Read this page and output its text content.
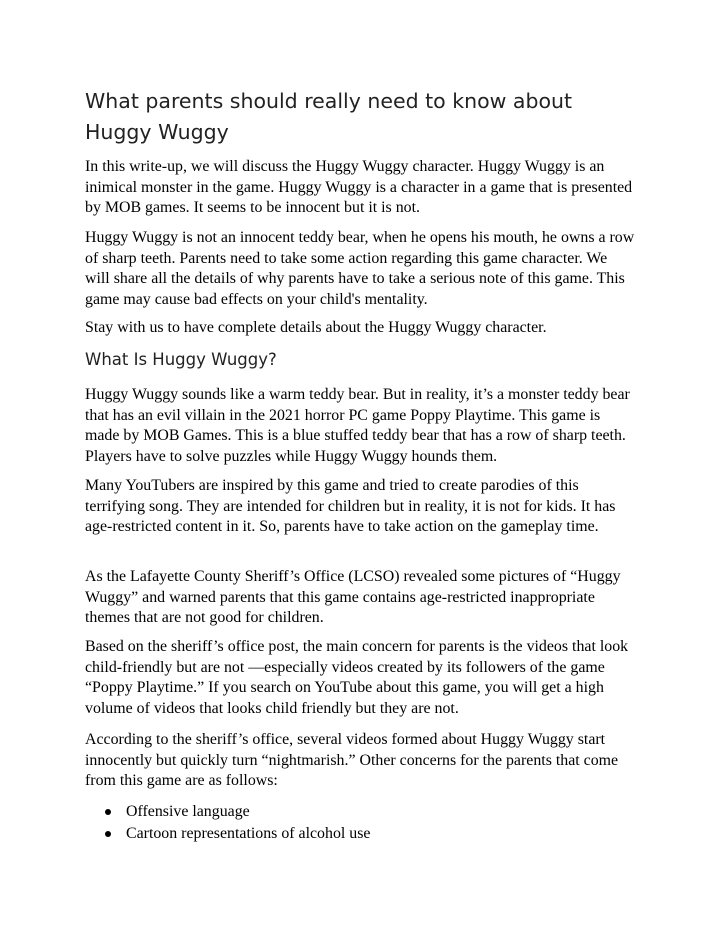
What parents should really need to know about Huggy Wuggy

In this write-up, we will discuss the Huggy Wuggy character. Huggy Wuggy is an inimical monster in the game. Huggy Wuggy is a character in a game that is presented by MOB games. It seems to be innocent but it is not.

Huggy Wuggy is not an innocent teddy bear, when he opens his mouth, he owns a row of sharp teeth. Parents need to take some action regarding this game character. We will share all the details of why parents have to take a serious note of this game. This game may cause bad effects on your child's mentality.

Stay with us to have complete details about the Huggy Wuggy character.

What Is Huggy Wuggy?

Huggy Wuggy sounds like a warm teddy bear. But in reality, it’s a monster teddy bear that has an evil villain in the 2021 horror PC game Poppy Playtime. This game is made by MOB Games. This is a blue stuffed teddy bear that has a row of sharp teeth. Players have to solve puzzles while Huggy Wuggy hounds them.

Many YouTubers are inspired by this game and tried to create parodies of this terrifying song. They are intended for children but in reality, it is not for kids. It has age-restricted content in it. So, parents have to take action on the gameplay time.

As the Lafayette County Sheriff’s Office (LCSO) revealed some pictures of “Huggy Wuggy” and warned parents that this game contains age-restricted inappropriate themes that are not good for children.

Based on the sheriff’s office post, the main concern for parents is the videos that look child-friendly but are not —especially videos created by its followers of the game “Poppy Playtime.” If you search on YouTube about this game, you will get a high volume of videos that looks child friendly but they are not.

According to the sheriff’s office, several videos formed about Huggy Wuggy start innocently but quickly turn “nightmarish.” Other concerns for the parents that come from this game are as follows:

Offensive language
Cartoon representations of alcohol use
